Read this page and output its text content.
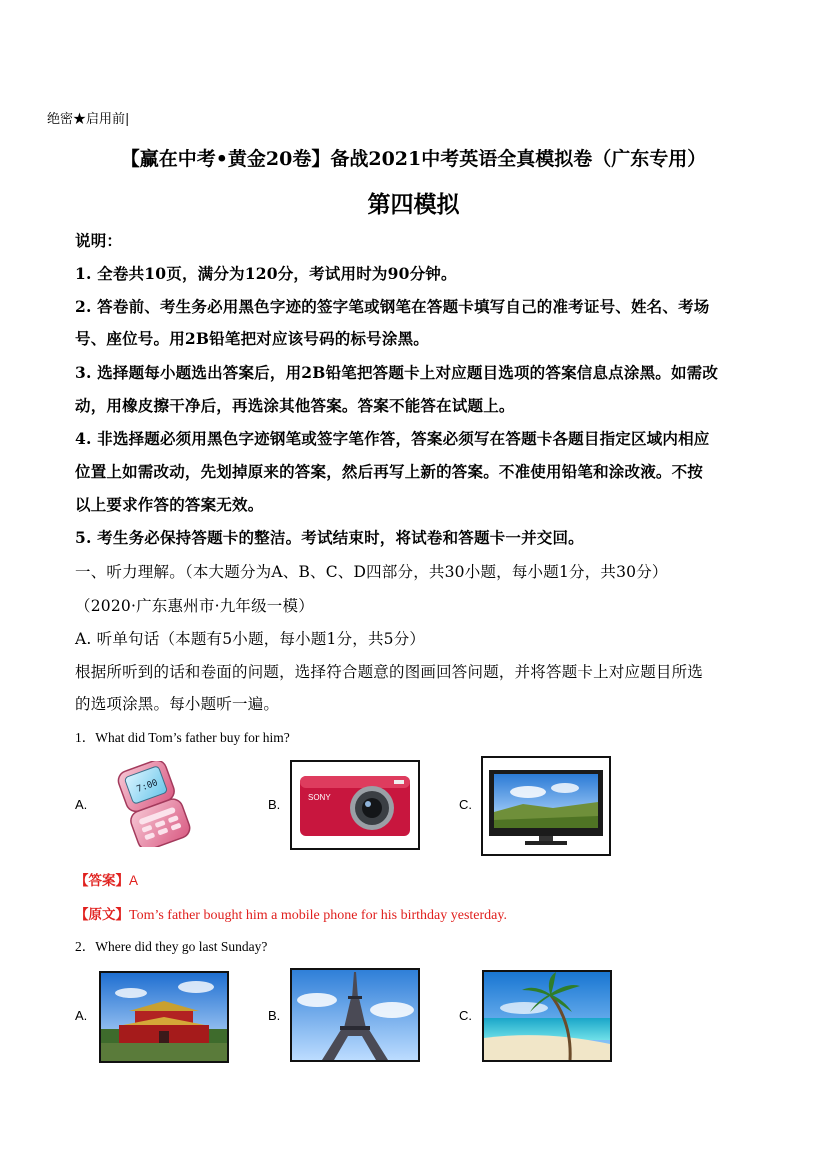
绝密★启用前|
【赢在中考•黄金20卷】备战2021中考英语全真模拟卷（广东专用）
第四模拟
说明：
1. 全卷共10页，满分为120分，考试用时为90分钟。
2. 答卷前、考生务必用黑色字迹的签字笔或钢笔在答题卡填写自己的准考证号、姓名、考场
号、座位号。用2B铅笔把对应该号码的标号涂黑。
3. 选择题每小题选出答案后，用2B铅笔把答题卡上对应题目选项的答案信息点涂黑。如需改
动，用橡皮擦干净后，再选涂其他答案。答案不能答在试题上。
4. 非选择题必须用黑色字迹钢笔或签字笔作答，答案必须写在答题卡各题目指定区域内相应
位置上如需改动，先划掉原来的答案，然后再写上新的答案。不准使用铅笔和涂改液。不按
以上要求作答的答案无效。
5. 考生务必保持答题卡的整洁。考试结束时，将试卷和答题卡一并交回。
一、听力理解。（本大题分为A、B、C、D四部分，共30小题，每小题1分，共30分）
（2020·广东惠州市·九年级一模）
A. 听单句话（本题有5小题，每小题1分，共5分）
根据所听到的话和卷面的问题，选择符合题意的图画回答问题，并将答题卡上对应题目所选
的选项涂黑。每小题听一遍。
1．What did Tom’s father buy for him?
A.
7:00
B.	SONY	C.
【答案】A
【原文】Tom’s father bought him a mobile phone for his birthday yesterday.
2．Where did they go last Sunday?
A.	B.	C.
